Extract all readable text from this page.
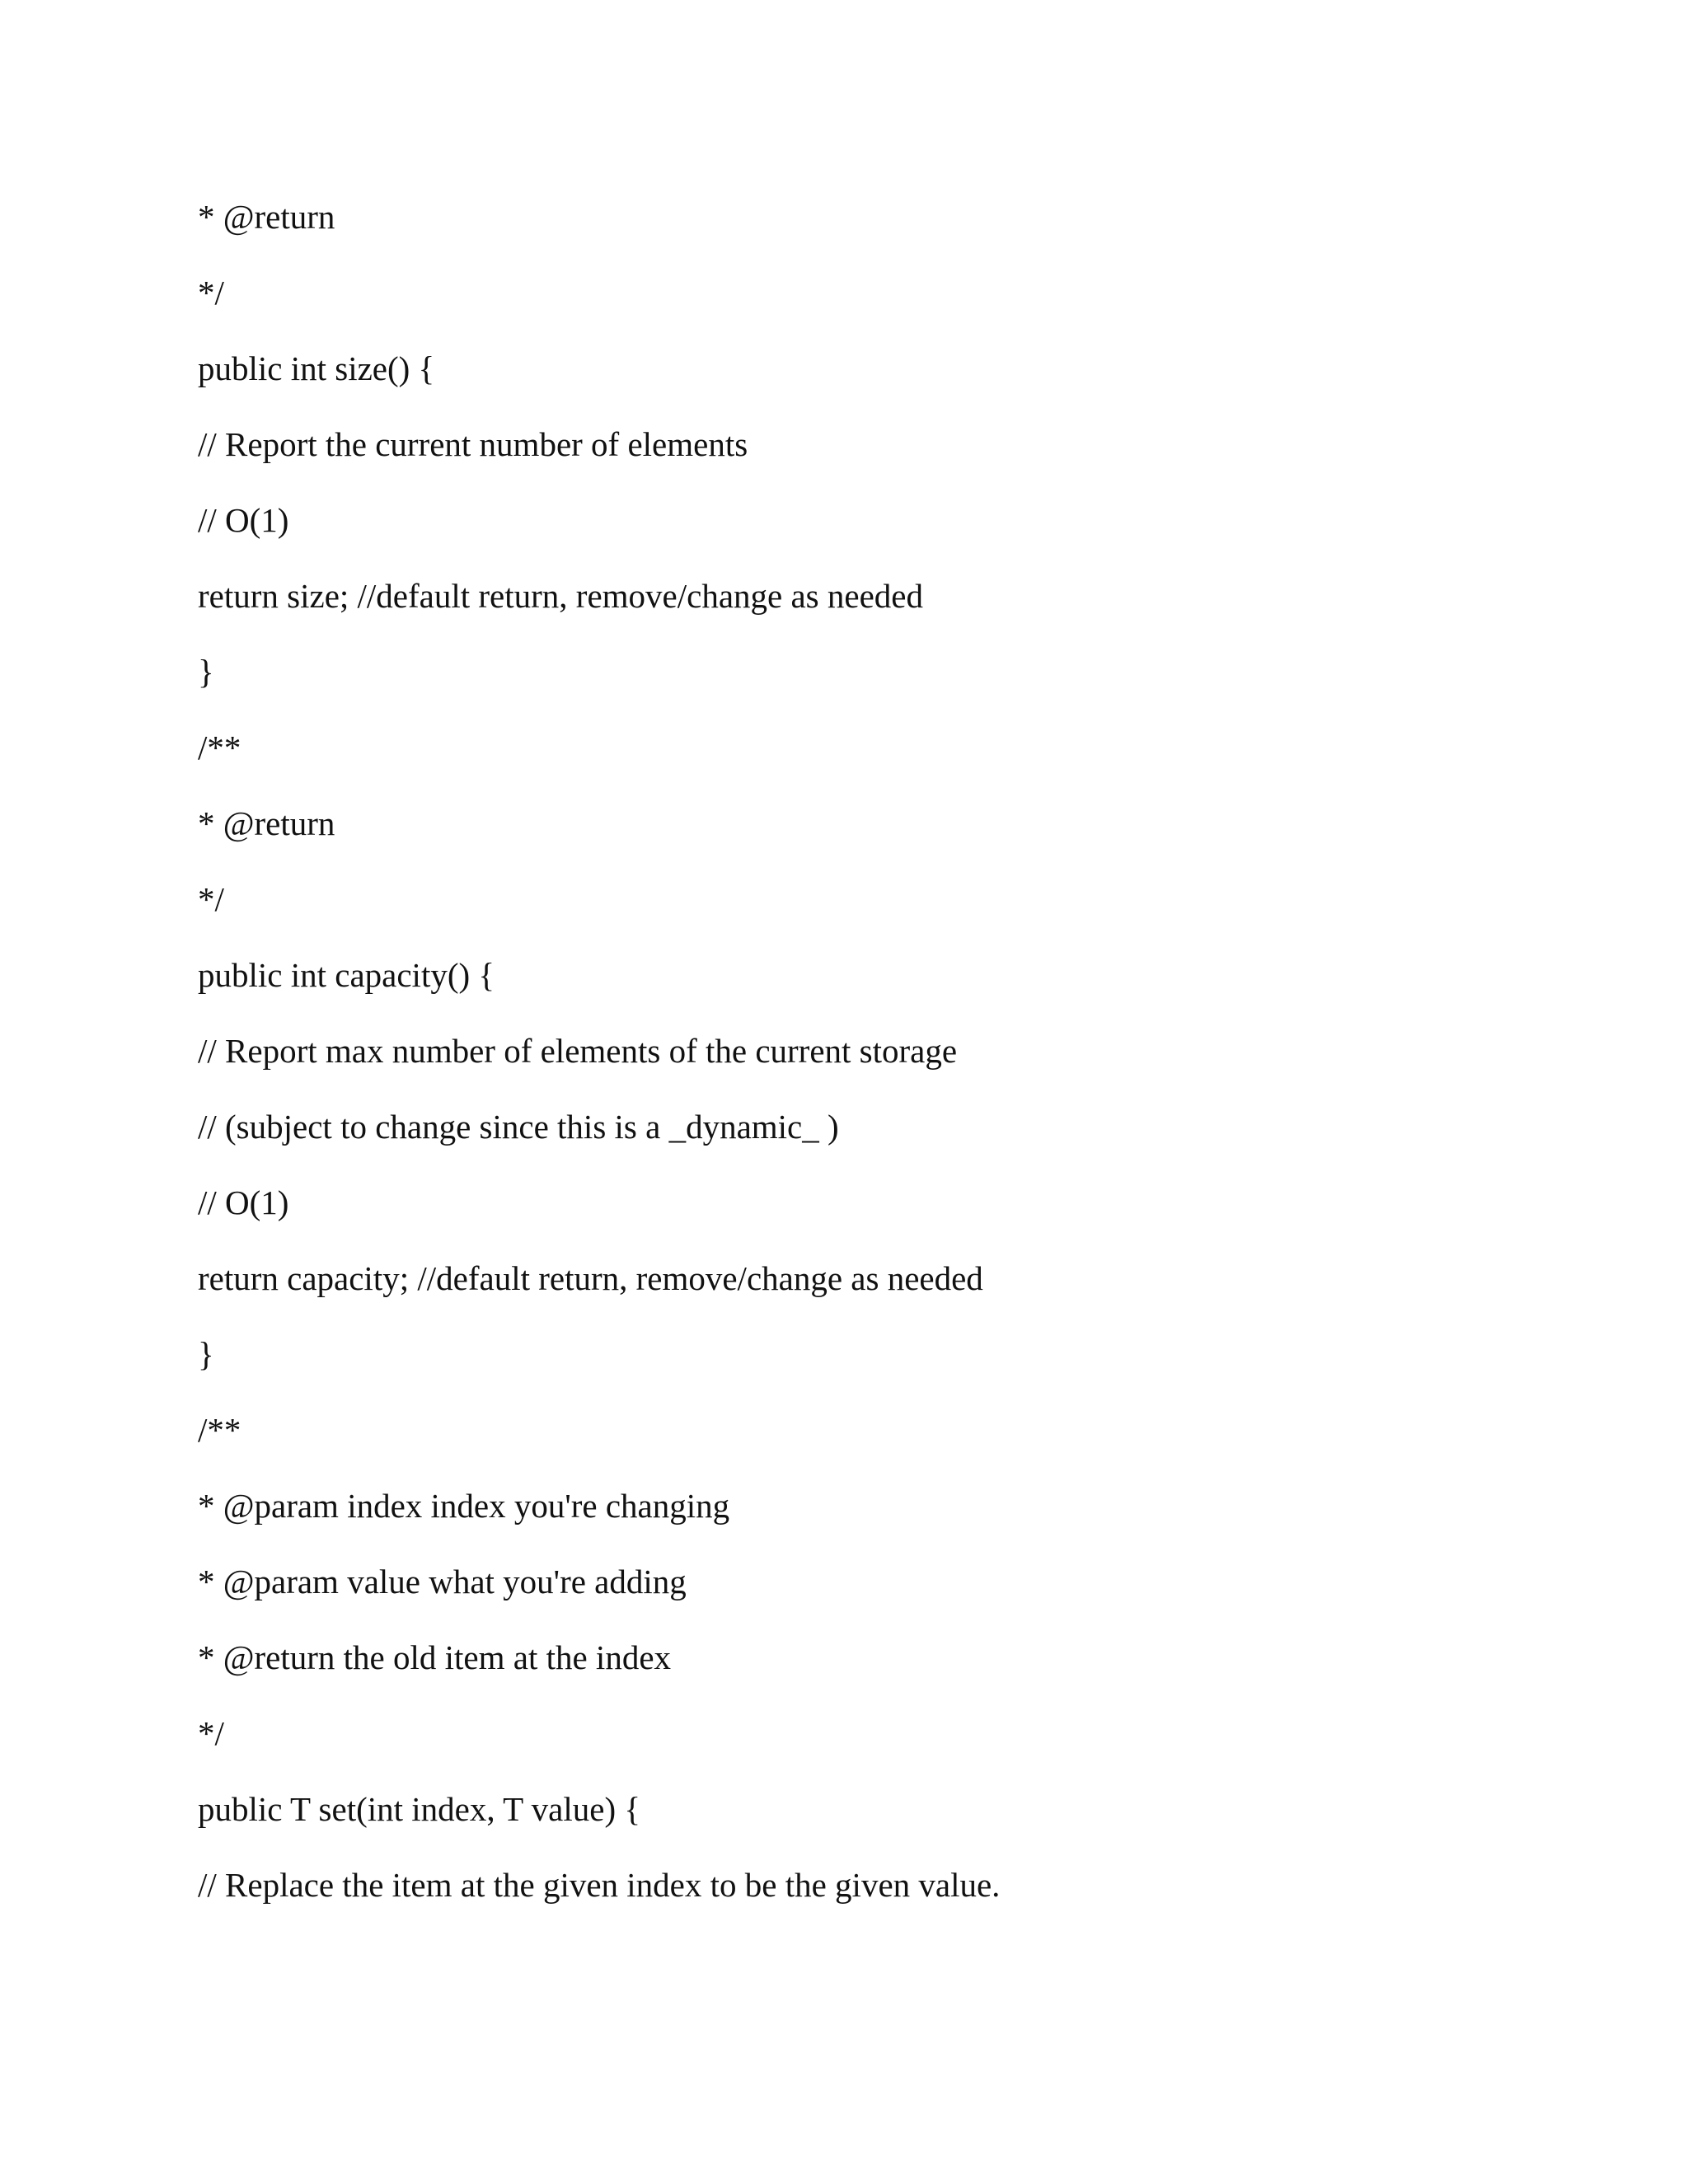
* @return
*/
public int size() {
// Report the current number of elements
// O(1)
return size; //default return, remove/change as needed
}
/**
* @return
*/
public int capacity() {
// Report max number of elements of the current storage
// (subject to change since this is a _dynamic_ )
// O(1)
return capacity; //default return, remove/change as needed
}
/**
* @param index index you're changing
* @param value what you're adding
* @return the old item at the index
*/
public T set(int index, T value) {
// Replace the item at the given index to be the given value.
